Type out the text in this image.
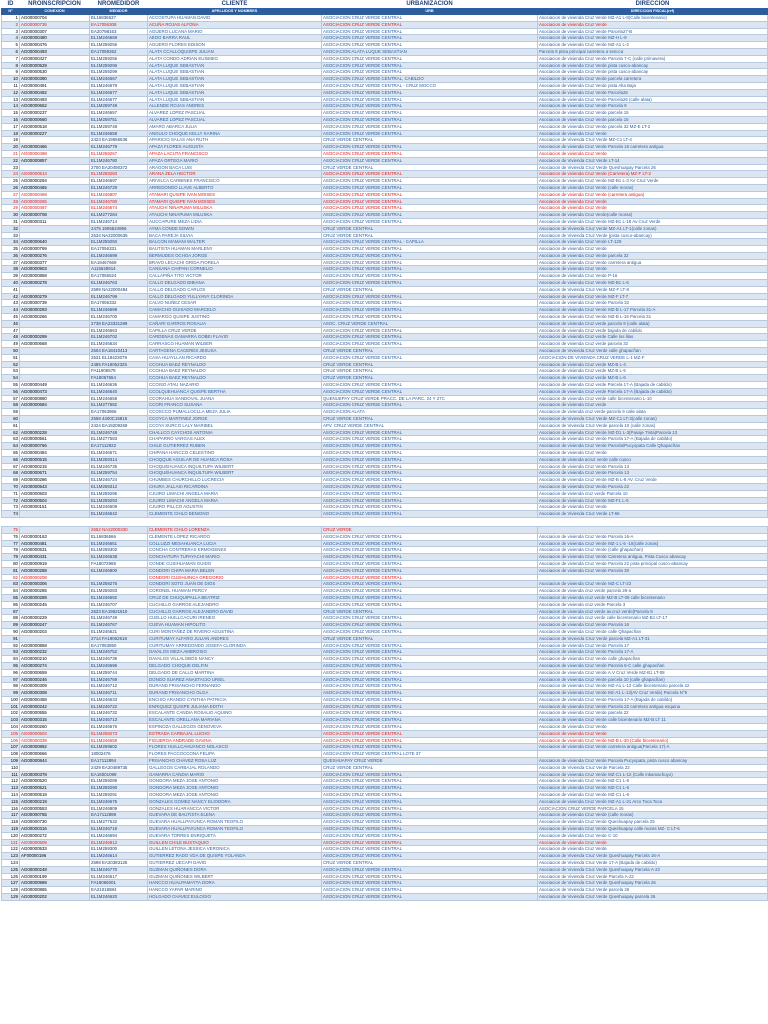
ID	NROINSCRIPCION	NROMEDIDOR	CLIENTE	URBANIZACION	DIRECCION
N°	CONEXIÓN	MEDIDOR	APELLIDOS Y NOMBRES	URB	DIRECCION FISCAL(ref)
1	AG00000704	EL16836537	ACCOSTUPA HUAMAN DAVID	ASOCIACION CRUZ VERDE CENTRAL	Asociacion de vivienda Cruz Verde MZ-A1 L-8(Calle bicentenario)
2	AG00000735	EA17056308	ACUÑA ROJAS ALFONA	ASOCIACION CRUZ VERDE CENTRAL	Asociacion de vivienda Cruz Verde
3	AG00000307	EA20798163	AGUERO LUCANA MARIO	ASOCIACION CRUZ VERDE CENTRAL	Asociacion de vivienda Cruz Verde Parcela27-B
4	AG00000480	EL1M246669	AEDO BARRA RAUL	ASOCIACION CRUZ VERDE CENTRAL	Asociacion de vivienda Cruz Verde MZ-H L-9
5	AG00000476	EL1M259256	AGUERO FLORES EDISON	ASOCIACION CRUZ VERDE CENTRAL	Asociacion de vivienda Cruz Verde MZ-A1 L-2
6	AG00000493	EA17059262	ALATA CCALLOQUISPE JULIAN	ASOCIACION ALATA LUQUE SEBASTIAN	Parcela 9 pista principal carretera a sencca
7	AG00000427	EL1M259256	ALATA CONDO ADRIAN EUSEBIO	ASOCIACION CRUZ VERDE CENTRAL	Asociacion de vivienda Cruz Verde Parcela 7-C (calle primavera)
8	AG00000529	EL1M259296	ALATA LUQUE SEBASTIAN	ASOCIACION CRUZ VERDE CENTRAL	Asociacion de vivienda Cruz Verde pista cusco-abancay
9	AG00000530	EL1M259299	ALATA LUQUE SEBASTIAN	ASOCIACION CRUZ VERDE CENTRAL	Asociacion de vivienda Cruz Verde pista cusco-abancay
10	AG00000390	EL1M246667	ALATA LUQUE SEBASTIAN	ASOCIACION CRUZ VERDE CENTRAL, CABILDO	Asociacion de vivienda Cruz Verde parcela carretera
11	AG00000491	EL1M246678	ALATA LUQUE SEBASTIAN	ASOCIACION CRUZ VERDE CENTRAL - CRUZ MOCCO	Asociacion de vivienda Cruz Verde pista Alta Baja
12	AG00000492	EL1M246677	ALATA LUQUE SEBASTIAN	ASOCIACION CRUZ VERDE CENTRAL	Asociacion de vivienda Cruz Verde Parcela26
13	AG00000493	EL1M246677	ALATA LUQUE SEBASTIAN	ASOCIACION CRUZ VERDE CENTRAL	Asociacion de vivienda Cruz Verde Parcela26 (calle alata)
14	AG00000662	EL1M259749	ALLENDE ROJAS ANDRES	ASOCIACION CRUZ VERDE CENTRAL	Asociacion de vivienda Cruz Verde Parcela 9
15	AG00000237	EL1M246657	ALVAREZ LOPEZ PASCUAL	ASOCIACION CRUZ VERDE CENTRAL	Asociacion de vivienda Cruz Verde parcela 15
16	AG00000660	EL1M259751	ALVAREZ LOPEZ PASCUAL	ASOCIACION CRUZ VERDE CENTRAL	Asociacion de vivienda Cruz Verde parcela 15
17	AG00000518	EL1M259748	AMARO ABARCA JULIA	ASOCIACION CRUZ VERDE CENTRAL	Asociacion de vivienda Cruz Verde parcela 32 MZ-E LT-2
18	AG00000227	EL1M246658	ANGULO CHOQUE KELLY KARINA	ASOCIACION CRUZ VERDE CENTRAL	Asociacion de vivienda Cruz Verde
19		2423 EA19656536	APARICIO SALAS ANA RUTH	CRUZ VERDE CENTRAL	Asociacion de Vivienda Cruz Verde MZ-C1 LT-4
20	AG00000466	EL1M246779	APAZA FLORES AUGUSTA	ASOCIACION CRUZ VERDE CENTRAL	Asociacion de vivienda Cruz Verde Parcela 15 carretera antigua
21	AG00000498	EL1M259267	APAZA LACUTA FRANCISCO	ASOCIACION CRUZ VERDE CENTRAL	Asociacion de vivienda Cruz Verde
22	AG00000857	EL1M246780	APAZA ORTEGA MARIO	ASOCIACION CRUZ VERDE CENTRAL	Asociacion de Vivienda Cruz Verde LT-14
23		2700 EA20490372	ARAGON BACA LUIS	CRUZ VERDE CENTRAL	Asociacion de Vivienda Cruz Verde Queshuapay Parcela 26
24	AG00000514	EL1M259283	ARANA ZELA HECTOR	ASOCIACION CRUZ VERDE CENTRAL	Asociacion de vivienda Cruz Verde (Carretera) MZ-F LT-2
25	AG00000294	EL1M246697	ARIVILCA CARBINES FRANCISCO	ASOCIACION CRUZ VERDE CENTRAL	Asociacion de vivienda Cruz Verde MZ-B1 L-3 AV Cruz Verde
26	AG00000465	EL1M246729	ARREDONDO LLAVE ALBERTO	ASOCIACION CRUZ VERDE CENTRAL	Asociacion de vivienda Cruz Verde (calle moras)
27	AG00000468	EL1M246807	ATAMARI QUISPE IVAN MOISES	ASOCIACION CRUZ VERDE CENTRAL	Asociacion de vivienda Cruz Verde (carretera antigua)
28	AG00000265	EL1M246780	ATAMARI QUISPE IVAN MOISES	ASOCIACION CRUZ VERDE CENTRAL	Asociacion de vivienda Cruz Verde
29	AG00000487	EL1M246674	ATAUCHI NINAPUMA MILUSKA	ASOCIACION CRUZ VERDE CENTRAL	Asociacion de vivienda Cruz Verde
30	AG00000708	EL1M277284	ATAUCHI NINAPUMA MILUSKA	ASOCIACION CRUZ VERDE CENTRAL	Asociacion de vivienda Cruz Verde(calle moras)
31	AG00000311	EL1M246714	AUCCAPURE MEZA LIDIA	ASOCIACION CRUZ VERDE CENTRAL	Asociacion de vivienda Cruz Verde MZ-B1 L-18 Av Cruz Verde
32		2475 1906524956	AYMA CONDE EDWIN	CRUZ VERDE CENTRAL	Asociacion de Vivienda Cruz Verde MZ-A1 LT-1(calle zonas)
33		2634 NA22000635	BACA PAREJA SILVIA	CRUZ VERDE CENTRAL	Asociacion de Vivienda Cruz Verde (pista cusco-abancay)
34	AG00000640	EL1M259250	BALCON MAMANI WALTER	ASOCIACION CRUZ VERDE CENTRAL - CAPILLA	Asociacion de vivienda Cruz Verde LT-129
35	AG00000769	EA17056331	BAUTISTA HUAMAN MARLENY	ASOCIACION CRUZ VERDE CENTRAL	Asociacion de vivienda Cruz Verde
36	AG00000276	EL1M246699	BERMUDES OCHOA JORGE	ASOCIACION CRUZ VERDE CENTRAL	Asociacion de vivienda Cruz Verde parcela 32
37	AG00000377	EA19467669	BRAVO LECACHI GRIDA FIORELA	ASOCIACION CRUZ VERDE CENTRAL	Asociacion de vivienda Cruz Verde carretera antigua
38	AG00000903	A115628914	CANSANA CHIPANI CORNELIO	ASOCIACION CRUZ VERDE CENTRAL	Asociacion de vivienda Cruz Verde
39	AG00000858	EA17056524	CALLAPIÑA TITO VICTOR	ASOCIACION CRUZ VERDE CENTRAL	Asociacion de vivienda Cruz Verde P-16
40	AG00000278	EL1M246763	CALLO DELGADO BIBIANA	ASOCIACION CRUZ VERDE CENTRAL	Asociacion de vivienda Cruz Verde MZ-B1 L-6
41		2599 NA22000484	CALLO DELGADO CARLOS	CRUZ VERDE CENTRAL	Asociacion de Vivienda Cruz Verde MZ-F LT-8
42	AG00000279	EL1M246799	CALLO DELGADO YULLYANY CLORINDA	ASOCIACION CRUZ VERDE CENTRAL	Asociacion de vivienda Cruz Verde MZ-F LT-7
43	AG00000739	EA17056332	CALVO NUÑEZ CESAR	ASOCIACION CRUZ VERDE CENTRAL	Asociacion de vivienda Cruz Verde Parcela 32
44	AG00000293	EL1M246698	CAMACHO GUISADO MARCELO	ASOCIACION CRUZ VERDE CENTRAL	Asociacion de vivienda Cruz Verde MZ-B L-17 Parcela 31-A
45	AG00000266	EL1M246700	CAMARGO QUISPE JUSTINO	ASOCIACION CRUZ VERDE CENTRAL	Asociacion de vivienda Cruz Verde MZ-B L-16 Parcela 31
46		2738 EA23331289	CAÑARI GARROS ROSALIA	ASOC. CRUZ VERDE CENTRAL	Asociacion de vivienda Cruz verde parcela 9 (calle alata)
47		EL1M246663	CAPILLA CRUZ VERDE	ASOCIACION CRUZ VERDE CENTRAL	Asociacion de vivienda Cruz verde bajada de cabildo
48	AG00000299	EL1M246702	CARDENAS GAMARRA GOBEI FLAVIO	ASOCIACION CRUZ VERDE CENTRAL	Asociacion de vivienda Cruz verde Calle los lilas
49	AG00000668	EL1M246634	CARRASCO HUAMAN WILBER	ASOCIACION CRUZ VERDE CENTRAL	Asociacion de vivienda Cruz verde parcela 32
50		2504 EA18410413	CARTAGENA CACERES JESUSA	CRUZ VERDE CENTRAL	Asociacion de Vivienda Cruz Verde calle ghapacñan
51		2631 EL19423079	CASA HUAYLLAN RICARDO	ASOCIACION CRUZ VERDE CENTRAL	ASOCIACION DE VIVIENDA CRUZ VERDE L-1 MZ-F
52		2485 FA19062325	CCOHUA BAEZ REYNALDO	CRUZ VERDE CENTRAL	Asociacion de vivienda Cruz verde MZ-B L-4
53		FA11906579	CCOHUA BAEZ REYNALDO	CRUZ VERDE CENTRAL	Asociacion de vivienda Cruz verde MZ-B L-5
54		FA18067654	CCOHUA BAEZ REYNALDO	CRUZ VERDE CENTRAL	Asociacion de vivienda Cruz verde MZ-B L-6
55	AG00000449	EL1M246636	CCOISO ATAU NAZARIO	ASOCIACION CRUZ VERDE CENTRAL	Asociacion de vivienda Cruz verde Parcela 17-A (Bajada de cabildo)
56	AG00000473	EL1M246640	CCOLQUEHUANCA QUISPE BERTHA	ASOCIACION CRUZ VERDE CENTRAL	Asociacion de vivienda Cruz verde Parcela 17-A (Bajada de cabildo)
57	AG00000880	EL1M246658	CCORAHUA SANDOVAL JUANA	QUENUEPAY CRUZ VERDE PRACC. DE LA PARC. 24 Y 27C	Asociacion de vivienda Cruz verde calle bicentenario L-10
58	AG00000684	EL1M277582	CCORI FRANCO SUSANA	ASOCIACION CRUZ VERDE CENTRAL	Asociacion de vivienda Cruz verde
59		EA17063866	CCOSCCO PUMALLOCLLA MEZA JULIA	ASOCIACION ALATA	Asociacion de vivienda cruz verde parcela 9 calle alata
60		2558 4400C15815	CCOYCA MARTINEZ JORGE	CRUZ VERDE CENTRAL	Asociacion de Vivienda Cruz Verde MZ-C1 LT-3(calle zonas)
61		2424 EA19209269	CCOYA SURCO LALY MARIBEL	APV. CRUZ VERDE CENTRAL	Asociacion de Vivienda Cruz Verde parcela 10 (calle zonas)
62	AG00000228	EL1M246748	CHALLCO CAYCHOS ANTONIA	ASOCIACION CRUZ VERDE CENTRAL	Asociacion de vivienda Cruz Verde MZ-D1 L-3(Pasaje Tinta)Parcela 13
63	AG00000561	EL1M277583	CHAPARRO VARGAS ALEX	ASOCIACION CRUZ VERDE CENTRAL	Asociacion de vivienda Cruz Verde Parcela 17-A (Bajada de cabildo)
64	AG00000766	EA17112922	CHILE GUTIERREZ RUBEN	ASOCIACION CRUZ VERDE CENTRAL	Asociacion de vivienda Cruz Verde Parcela/Pucyopata Calle Qhapacñan
65	AG00000484	EL1M246671	CHIPANA HANCCO CELESTINO	ASOCIACION CRUZ VERDE CENTRAL	Asociacion de vivienda Cruz Verde
66	AG00000515	EL1M259314	CHOQQUE AGUILAR DE HUANCA ROSA	ASOCIACION CRUZ VERDE CENTRAL	Asociacion de vivienda acruz verde calle cusco
67	AG00000215	EL1M246735	CHOQUEHUANCA INQUILTUPA WILBERT	ASOCIACION CRUZ VERDE CENTRAL	Asociacion de vivienda Cruz Verde Parcela 13
68	AG00000671	EL1M259754	CHOQUEHUANCA INQUILTUPA WILBERT	ASOCIACION CRUZ VERDE CENTRAL	Asociacion de vivienda Cruz Verde Parcela 13
69	AG00000286	EL1M246724	CHUMBES CHURCHILLO LUCRECIA	ASOCIACION CRUZ VERDE CENTRAL	Asociacion de vivienda Cruz Verde MZ-B L-8 AV. Cruz Verde
70	AG00000543	EL1M259312	CHURA JALLASI RICARDINA	ASOCIACION CRUZ VERDE CENTRAL	Asociacion de vivienda Cruz Verde Parcela 22
71	AG00000503	EL1M259296	CJUIRO LIMACHI ANGELA MARIA	ASOCIACION CRUZ VERDE CENTRAL	Asociacion de vivienda cruz verde Parcela 10
72	AG00000504	EL1M259293	CJUIRO LIMACHI ANGELA MARIA	ASOCIACION CRUZ VERDE CENTRAL	Asociacion de vivienda Cruz Verde MZ-F1 L-5
73	AG00000151	EL1M246609	CJUIRO PILLCO AGUSTIN	ASOCIACION CRUZ VERDE CENTRAL	Asociacion de vivienda Cruz Verde
74		EL1M246642	CLEMENTE CHILO BENIGNO	ASOCIACION CRUZ VERDE CENTRAL	Asociacion de Vivienda Cruz Verde LT-66

75		2652 NA22000330	CLEMENTE CHILO LORENZA	CRUZ VERDE	
76	AG00000163	EL16836566	CLEMENTE LOPEZ RICARDO	ASOCIACION CRUZ VERDE CENTRAL	Asociacion de vivienda Cruz Verde Parcela 16-A
77	AG00000481	EL1M246651	COLLUZZI MESAHUANCA LUCIA	ASOCIACION CRUZ VERDE CENTRAL	Asociacion de vivienda Cruz Verde MZ-1 L-5 -18(calle zonas)
78	AG00000531	EL1M259302	CONCHA CONTRERAS ERMOGENES	ASOCIACION CRUZ VERDE CENTRAL	Asociacion de vivienda Cruz Verde (calle ghapacñan)
79	AG00000431	EL1M246638	CONCHATUPA TUPAYACHI MARIO	ASOCIACION CRUZ VERDE CENTRAL	Asociacion de vivienda Cruz Verde Carretera antigua, Pista Cusco abancay
80	AG00000919	FA18072969	CONDE CUSIHUAMAN GUIDO	ASOCIACION CRUZ VERDE CENTRAL	Asociacion de vivienda Cruz Verde Parcela 22 pista principal cusco-abancay
81	AG00000288	EL1M246800	CONDORI CHIPA MARIA BELEN	ASOCIACION CRUZ VERDE CENTRAL	Asociacion de vivienda Cruz Verde Parcela 30
82	AG00000208		CONDORI CUSIHUINCA GREGORIO	ASOCIACION CRUZ VERDE CENTRAL	
83	AG00000306	EL1M259275	CONDORI SOTO JUAN DE DIOS	ASOCIACION CRUZ VERDE CENTRAL	Asociacion de vivienda Cruz Verde MZ-C LT-22
84	AG00000285	EL1M259283	CORONEL HUAMAN PERCY	ASOCIACION CRUZ VERDE CENTRAL	Asociacion de vivienda cruz verde parcela 28-a
85	AG00000289	EL1M246692	CRUZ DE CHUQUIPALLA BEATRIZ	ASOCIACION CRUZ VERDE CENTRAL	Asociacion de vivienda cruz verde MZ-B LT-08 calle bicentenario
86	AG00000245	EL1M246707	CUCHILLO GARROS ALEJANDRO	ASOCIACION CRUZ VERDE CENTRAL	Asociacion de vivienda cruz verde Parcela 3
87		2623 EA19621610	CUCHILLO GARROS ALEJANDRO DAVID	CRUZ VERDE CENTRAL	Asociacion de vivienda cruz verde av.cruz verde(Parcela 9
88	AG00000229	EL1M246749	CUELLO HUILLCACURI IRENEO	ASOCIACION CRUZ VERDE CENTRAL	Asociacion de vivienda cruz verde calle bicentenario MZ-B1 LT-17
89	AG00000247	EL1M246767	CUEVA HUAMAN HIPOLITO	ASOCIACION CRUZ VERDE CENTRAL	Asociacion de vivienda Cruz Verde Parcela 16
90	AG00000203	EL1M246621	CURI MONTAÑEZ DE RIVERO AGUSTINA	ASOCIACION CRUZ VERDE CENTRAL	Asociacion de vivienda Cruz Verde calle Qhapacñan
91		2714 FA19062618	CURITUMAY ALFARO JULIAN ANDRES	CRUZ VERDE CENTRAL	Asociacion de Vivienda Cruz Verde parcela MZ-A1 LT-31
92	AG00000858	EA17063850	CURITUMAY ARREDONDO JOSEFA CLORINDA	ASOCIACION CRUZ VERDE CENTRAL	Asociacion de vivienda Cruz Verde Parcela 17
93	AG00000232	EL1M246752	DAVALOS MEZA AMBROSIO	ASOCIACION CRUZ VERDE CENTRAL	Asociacion de vivienda Cruz Verde Parcela 17-A
94	AG00000210	EL1M246739	DAVALOS VILLALOBOS NANCY	ASOCIACION CRUZ VERDE CENTRAL	Asociacion de vivienda Cruz Verde calle ghapacñan
95	AG00000274	EL1M246696	DELGADO CHOQUE DELFIN	ASOCIACION CRUZ VERDE CENTRAL	Asociacion de vivienda Cruz Verde Parcela 8-C calle ghapacñan
96	AG00000659	EL1M259744	DELGADO DE CALLO MARTINA	ASOCIACION CRUZ VERDE CENTRAL	Asociacion de vivienda Cruz Verde A.V Cruz Verde MZ-B1 LT-08
97	AG00000246	EL1M246769	DONGO SUAREZ ANASTACIO URIEL	ASOCIACION CRUZ VERDE CENTRAL	Asociacion de vivienda Cruz Verde parcela 10 (calle ghapacñan)
98	AG00000309	EL1M246712	DURAND FRISANCHO FERNANDO	ASOCIACION CRUZ VERDE CENTRAL	Asociacion de vivienda Cruz Verde MZ-A1 L-12 Calle bicentenario parcela 22
99	AG00000308	EL1M246711	DURAND FRISANCHO OLGA	ASOCIACION CRUZ VERDE CENTRAL	Asociacion de vivienda Cruz Verde Mz-A1 L-13(AV Cruz Verde) Parcela N°9
100	AG00000458	EL1M246633	ENCISO ARANDO CYNTHIA PATRICIA	ASOCIACION CRUZ VERDE CENTRAL	Asociacion de vivienda Cruz Verde Parcela 17-A (Bajada de cabildo)
101	AG00000242	EL1M246722	ENRIQUEZ QUISPE JULIANA EDITH	ASOCIACION CRUZ VERDE CENTRAL	Asociacion de vivienda Cruz Verde Parcela 22 carretera antigua esquina
102	AG00000555	EL1M246732	ESCALANTE CANDIA ROSALIO AQUINO	ASOCIACION CRUZ VERDE CENTRAL	Asociacion de vivienda Cruz Verde parcela 22
103	AG00000315	EL1M246713	ESCALANTE ORELLANA MARIANA	ASOCIACION CRUZ VERDE CENTRAL	Asociacion de vivienda Cruz Verde calle bicentenario MZ-B LT 11
104	AG00000260	EL1M246676	ESPINOZA GALLEGOS GENOVEVA	ASOCIACION CRUZ VERDE CENTRAL	Asociacion de vivienda Cruz Verde
105	AG00000504	EL1M259273	ESTRADA CARBAJAL LUCHO	ASOCIACION CRUZ VERDE CENTRAL	Asociacion de vivienda Cruz Verde
106	AG00000339	EL1M246658	FIGUEROA ANDRADE GAVINA	ASOCIACION CRUZ VERDE CENTRAL	Asociacion de vivienda Cruz Verde MZ-B L-30 (Calle bicentenario)
107	AG00000892	EL1M259602	FLORES HUILLCAHUANCO NOLASCO	ASOCIACION CRUZ VERDE CENTRAL	Asociacion de vivienda Cruz Verde carretera antigua(Parcela 17)-A
108	AG00000666	18002476	FLORES PACCOCCONA FELIPA	ASOCIACION CRUZ VERDE CENTRAL LOTE 37	
109	AG00000844	EA17112894	FRISANCHO CHAVEZ ROSA LUZ	QUESHUAPAY CRUZ VERDE	Asociacion de vivienda Cruz Verde Parcela Pucyopata, pista cusco abancay
110		2429 EA20489735	GALLEGOS CARBAJAL ROLANDO	CRUZ VERDE CENTRAL	Asociacion de Vivienda Cruz Verde Parcela 22
111	AG00000378	EA16001099	GAMARRA CANDIA MARIO	ASOCIACION CRUZ VERDE CENTRAL	Asociacion de vivienda Cruz Verde MZ-C1 L-12 (Calle inkamachuyo)
112	AG00000520	EL1M259289	GONGORA MEZA JOSE ANTONIO	ASOCIACION CRUZ VERDE CENTRAL	Asociacion de vivienda Cruz Verde MZ-C1 L-6
113	AG00000521	EL1M259290	GONGORA MEZA JOSE ANTONIO	ASOCIACION CRUZ VERDE CENTRAL	Asociacion de vivienda Cruz Verde MZ-C1 L-6
114	AG00000519	EL1M259291	GONGORA MEZA JOSE ANTONIO	ASOCIACION CRUZ VERDE CENTRAL	Asociacion de vivienda Cruz Verde MZ-C1 L-6
115	AG00000219	EL1M246675	GONZALES GOMEZ NANCY ELIODORA	ASOCIACION CRUZ VERDE CENTRAL	Asociacion de vivienda Cruz Verde MZ-A1 L-21 Arco Toca Toca
116	AG00000553	EL1M246809	GONZALES HUARANCCA VICTOR	ASOCIACION CRUZ VERDE CENTRAL	ASOCIACION CRUZ VERDE PARCELA 15
117	AG00000755	EA17112898	GUEVARA DE BAUTISTA ELENA	ASOCIACION CRUZ VERDE CENTRAL	Asociacion de vivienda Cruz Verde (calle moras)
118	AG00000730	EL1M277532	GUEVARA HUALLPAYUNCA ROMAN TEOFILO	ASOCIACION CRUZ VERDE CENTRAL	Asociacion de vivienda Cruz Verde Queshuapay parcela 25
119	AG00000316	EL1M246719	GUEVARA HUALLPAYUNCA ROMAN TEOFILO	ASOCIACION CRUZ VERDE CENTRAL	Asociacion de vivienda Cruz Verde Queshuapay calle moras MZ- C LT-6
120	AG00000272	EL1M246694	GUEVARA TORRES ENRIQUETA	ASOCIACION CRUZ VERDE CENTRAL	Asociacion de vivienda Cruz Verde C-10
121	AG00000509	EL1M246812	GUILLEN CHILE BUSTAQUIO	ASOCIACION CRUZ VERDE CENTRAL	Asociacion de vivienda Cruz Verde
122	AG00000533	EL1M259300	GUILLEN LETONA JESSICA VERONICA	ASOCIACION CRUZ VERDE CENTRAL	Asociacion de vivienda Cruz Verde
123	AF00000196	EL1M246614	GUTIERREZ RADO VDA DE QUISPE YOLANDA	ASOCIACION CRUZ VERDE CENTRAL	Asociacion de Vivienda Cruz Verde Queshuapay Parcela 16-A
124		2598 EA20383125	GUTIERREZ UECAPI DAVID	CRUZ VERDE CENTRAL	Asociacion de Vivienda Cruz Verde 17-A (Bajada de cabildo)
125	AG00000248	EL1M246770	GUZMAN QUIÑONES DORA	ASOCIACION CRUZ VERDE CENTRAL	Asociacion de Vivienda Cruz Verde Queshuapay Parcela A-22
126	AG00000199	EL1M246617	GUZMAN QUIÑONES WILBERT	ASOCIACION CRUZ VERDE CENTRAL	Asociacion de Vivienda Cruz Verde Parcela A-22
127	AG00000989	FA19066001	HANCCO HUALPAMAYTA DORA	ASOCIACION CRUZ VERDE CENTRAL	Asociacion de Vivienda Cruz Verde Queshuapay Parcela 26
128	AG00000865	EA21018884	HANCCO YAPAR MARINO	ASOCIACION CRUZ VERDE CENTRAL	Asociacion de Vivienda Cruz Verde parcela 26
129	AG00000202	EL1M246620	HOLGADO CHAVEZ EULOGIO	ASOCIACION CRUZ VERDE CENTRAL	Asociacion de Vivienda Cruz Verde Queshuapay parcela 26
